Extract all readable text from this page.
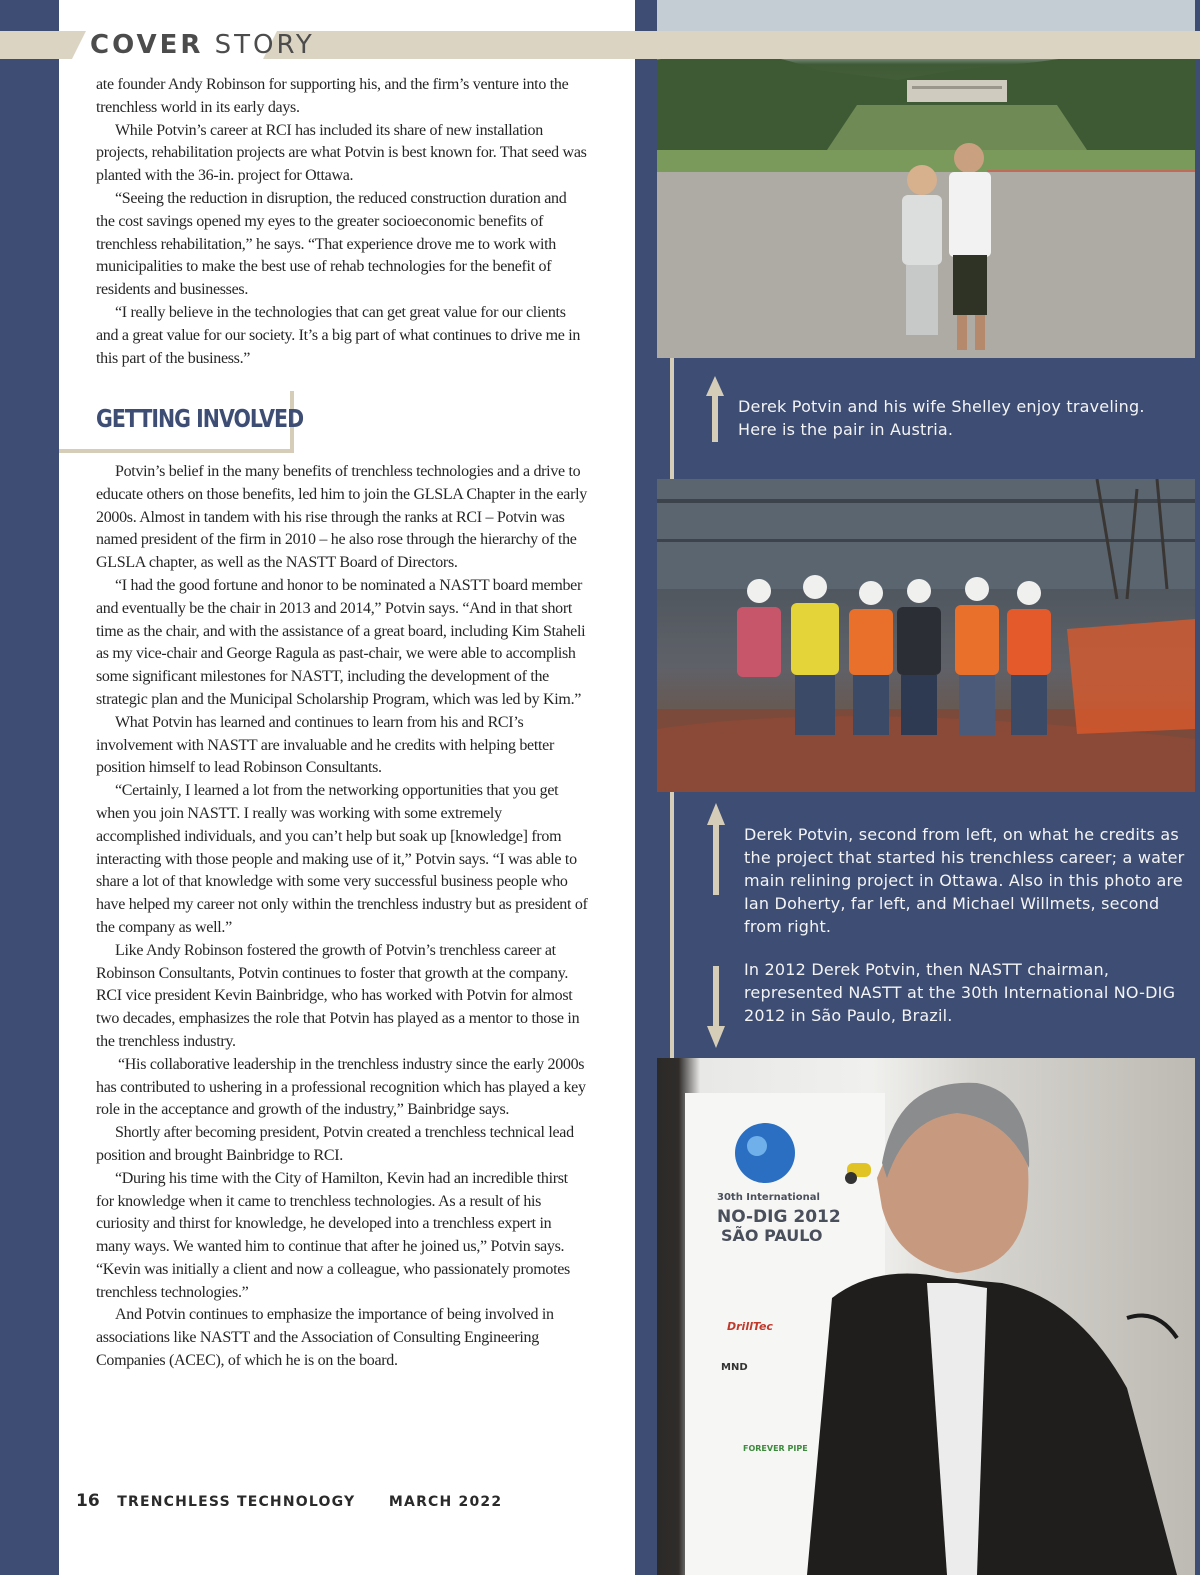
Derek Potvin and his wife Shelley enjoy traveling. Here is the pair in Austria.
Derek Potvin, second from left, on what he credits as the project that started his trenchless career; a water main relining project in Ottawa. Also in this photo are Ian Doherty, far left, and Michael Willmets, second from right.
In 2012 Derek Potvin, then NASTT chairman, represented NASTT at the 30th International NO-DIG 2012 in São Paulo, Brazil.
30th International
NO-DIG 2012
SÃO PAULO
DrillTec
MND
FOREVER PIPE
COVER STORY

ate founder Andy Robinson for supporting his, and the firm’s venture into the trenchless world in its early days.

While Potvin’s career at RCI has included its share of new installation projects, rehabilitation projects are what Potvin is best known for. That seed was planted with the 36-in. project for Ottawa.

“Seeing the reduction in disruption, the reduced construction duration and the cost savings opened my eyes to the greater socioeconomic benefits of trenchless rehabilitation,” he says. “That experience drove me to work with municipalities to make the best use of rehab technologies for the benefit of residents and businesses.

“I really believe in the technologies that can get great value for our clients and a great value for our society. It’s a big part of what continues to drive me in this part of the business.”

GETTING INVOLVED

Potvin’s belief in the many benefits of trenchless technologies and a drive to educate others on those benefits, led him to join the GLSLA Chapter in the early 2000s. Almost in tandem with his rise through the ranks at RCI – Potvin was named president of the firm in 2010 – he also rose through the hierarchy of the GLSLA chapter, as well as the NASTT Board of Directors.

“I had the good fortune and honor to be nominated a NASTT board member and eventually be the chair in 2013 and 2014,” Potvin says. “And in that short time as the chair, and with the assistance of a great board, including Kim Staheli as my vice-chair and George Ragula as past-chair, we were able to accomplish some significant milestones for NASTT, including the development of the strategic plan and the Municipal Scholarship Program, which was led by Kim.”

What Potvin has learned and continues to learn from his and RCI’s involvement with NASTT are invaluable and he credits with helping better position himself to lead Robinson Consultants.

“Certainly, I learned a lot from the networking opportunities that you get when you join NASTT. I really was working with some extremely accomplished individuals, and you can’t help but soak up [knowledge] from interacting with those people and making use of it,” Potvin says. “I was able to share a lot of that knowledge with some very successful business people who have helped my career not only within the trenchless industry but as president of the company as well.”

Like Andy Robinson fostered the growth of Potvin’s trenchless career at Robinson Consultants, Potvin continues to foster that growth at the company. RCI vice president Kevin Bainbridge, who has worked with Potvin for almost two decades, emphasizes the role that Potvin has played as a mentor to those in the trenchless industry.

“His collaborative leadership in the trenchless industry since the early 2000s has contributed to ushering in a professional recognition which has played a key role in the acceptance and growth of the industry,” Bainbridge says.

Shortly after becoming president, Potvin created a trenchless technical lead position and brought Bainbridge to RCI.

“During his time with the City of Hamilton, Kevin had an incredible thirst for knowledge when it came to trenchless technologies. As a result of his curiosity and thirst for knowledge, he developed into a trenchless expert in many ways. We wanted him to continue that after he joined us,” Potvin says. “Kevin was initially a client and now a colleague, who passionately promotes trenchless technologies.”

And Potvin continues to emphasize the importance of being involved in associations like NASTT and the Association of Consulting Engineering Companies (ACEC), of which he is on the board.

16 TRENCHLESS TECHNOLOGY MARCH 2022
